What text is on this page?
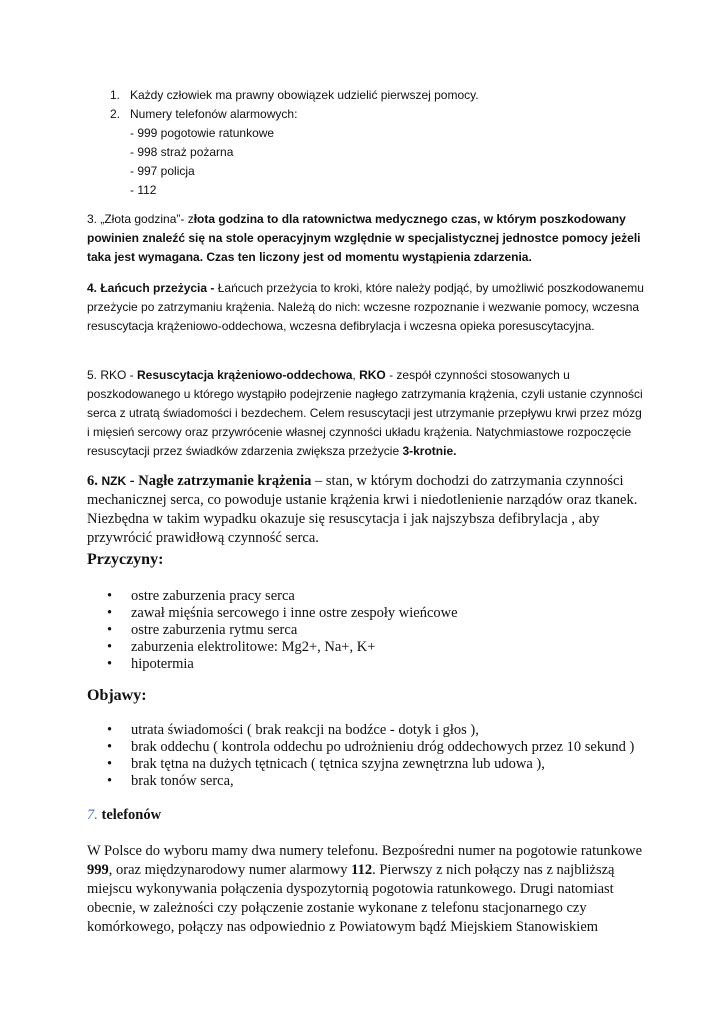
1. Każdy człowiek ma prawny obowiązek udzielić pierwszej pomocy.
2. Numery telefonów alarmowych:
- 999 pogotowie ratunkowe
- 998 straż pożarna
- 997 policja
- 112
3. „Złota godzina”- złota godzina to dla ratownictwa medycznego czas, w którym poszkodowany powinien znaleźć się na stole operacyjnym względnie w specjalistycznej jednostce pomocy jeżeli taka jest wymagana. Czas ten liczony jest od momentu wystąpienia zdarzenia.
4. Łańcuch przeżycia - Łańcuch przeżycia to kroki, które należy podjąć, by umożliwić poszkodowanemu przeżycie po zatrzymaniu krążenia. Należą do nich: wczesne rozpoznanie i wezwanie pomocy, wczesna resuscytacja krążeniowo-oddechowa, wczesna defibrylacja i wczesna opieka poresuscytacyjna.
5. RKO - Resuscytacja krążeniowo-oddechowa, RKO - zespół czynności stosowanych u poszkodowanego u którego wystąpiło podejrzenie nagłego zatrzymania krążenia, czyli ustanie czynności serca z utratą świadomości i bezdechem. Celem resuscytacji jest utrzymanie przepływu krwi przez mózg i mięsień sercowy oraz przywrócenie własnej czynności układu krążenia. Natychmiastowe rozpoczęcie resuscytacji przez świadków zdarzenia zwiększa przeżycie 3-krotnie.
6. NZK - Nagłe zatrzymanie krążenia – stan, w którym dochodzi do zatrzymania czynności mechanicznej serca, co powoduje ustanie krążenia krwi i niedotlenienie narządów oraz tkanek. Niezbędna w takim wypadku okazuje się resuscytacja i jak najszybsza defibrylacja , aby przywrócić prawidłową czynność serca.
Przyczyny:
• ostre zaburzenia pracy serca
• zawał mięśnia sercowego i inne ostre zespoły wieńcowe
• ostre zaburzenia rytmu serca
• zaburzenia elektrolitowe: Mg2+, Na+, K+
• hipotermia
Objawy:
• utrata świadomości ( brak reakcji na bodźce - dotyk i głos ),
• brak oddechu ( kontrola oddechu po udrożnieniu dróg oddechowych przez 10 sekund )
• brak tętna na dużych tętnicach ( tętnica szyjna zewnętrzna lub udowa ),
• brak tonów serca,
7. telefonów
W Polsce do wyboru mamy dwa numery telefonu. Bezpośredni numer na pogotowie ratunkowe 999, oraz międzynarodowy numer alarmowy 112. Pierwszy z nich połączy nas z najbliższą miejscu wykonywania połączenia dyspozytornią pogotowia ratunkowego. Drugi natomiast obecnie, w zależności czy połączenie zostanie wykonane z telefonu stacjonarnego czy komórkowego, połączy nas odpowiednio z Powiatowym bądź Miejskiem Stanowiskiem
